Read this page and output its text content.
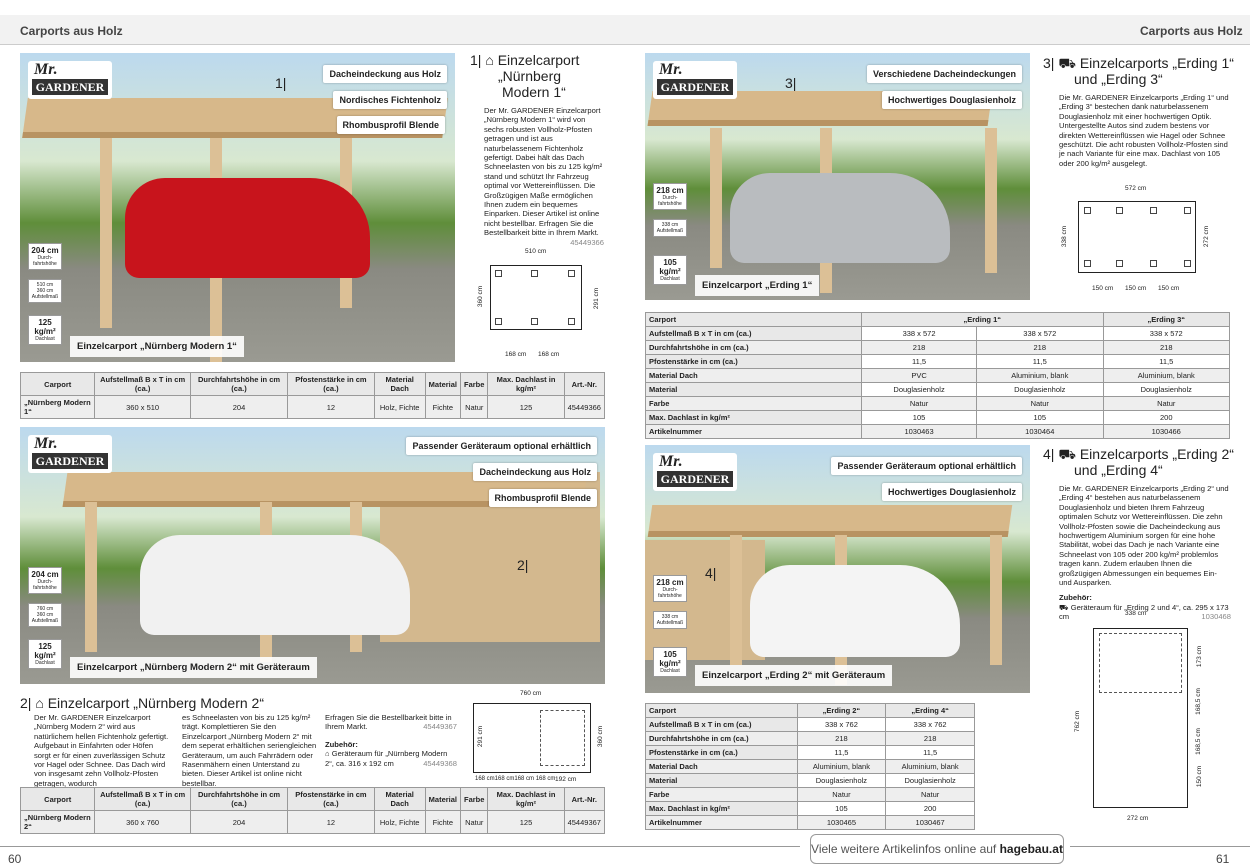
Carports aus Holz	Carports aus Holz
Mr.
GARDENER	1|
Dacheindeckung aus Holz
Nordisches Fichtenholz
Rhombusprofil Blende
204 cm
Durch-fahrtshöhe
510 cm
360 cm
Aufstellmaß
125
kg/m²
Dachlast
Einzelcarport „Nürnberg Modern 1“
1| ⌂ Einzelcarport
„Nürnberg
Modern 1“
Der Mr. GARDENER Einzelcarport „Nürnberg Modern 1“ wird von sechs robusten Vollholz-Pfosten getragen und ist aus naturbelassenem Fichtenholz gefertigt. Dabei hält das Dach Schneelasten von bis zu 125 kg/m² stand und schützt Ihr Fahrzeug optimal vor Wettereinflüssen. Die Großzügigen Maße ermöglichen Ihnen zudem ein bequemes Einparken. Dieser Artikel ist online nicht bestellbar. Erfragen Sie die Bestellbarkeit bitte in Ihrem Markt.
45449366
510 cm
360 cm	291 cm
168 cm 168 cm
Carport	Aufstellmaß B x T in cm (ca.)	Durchfahrtshöhe in cm (ca.)	Pfostenstärke in cm (ca.)	Material Dach	Material	Farbe	Max. Dachlast in kg/m²	Art.-Nr.
„Nürnberg Modern 1“	360 x 510	204	12	Holz, Fichte	Fichte	Natur	125	45449366
Mr.
GARDENER
2|
Passender Geräteraum optional erhältlich
Dacheindeckung aus Holz
Rhombusprofil Blende
204 cm
Durch-fahrtshöhe
760 cm
360 cm
Aufstellmaß
125
kg/m²
Dachlast	Einzelcarport „Nürnberg Modern 2“ mit Geräteraum
2| ⌂ Einzelcarport „Nürnberg Modern 2“
Der Mr. GARDENER Einzelcarport „Nürnberg Modern 2“ wird aus natürlichem hellen Fichtenholz gefertigt. Aufgebaut in Einfahrten oder Höfen sorgt er für einen zuverlässigen Schutz vor Hagel oder Schnee. Das Dach wird von insgesamt zehn Vollholz-Pfosten getragen, wodurch
es Schneelasten von bis zu 125 kg/m² trägt. Komplettieren Sie den Einzelcarport „Nürnberg Modern 2“ mit dem seperat erhältlichen seriengleichen Geräteraum, um auch Fahrrädern oder Rasenmähern einen Unterstand zu bieten. Dieser Artikel ist online nicht bestellbar.
Erfragen Sie die Bestellbarkeit bitte in Ihrem Markt.	45449367
Zubehör:
⌂ Geräteraum für „Nürnberg Modern 2“, ca. 316 x 192 cm	45449368
760 cm
291 cm	360 cm
168 cm168 cm168 cm 168 cm 192 cm
Carport	Aufstellmaß B x T in cm (ca.)	Durchfahrtshöhe in cm (ca.)	Pfostenstärke in cm (ca.)	Material Dach	Material	Farbe	Max. Dachlast in kg/m²	Art.-Nr.
„Nürnberg Modern 2“	360 x 760	204	12	Holz, Fichte	Fichte	Natur	125	45449367
Mr.
GARDENER	3|
Verschiedene Dacheindeckungen
Hochwertiges Douglasienholz
218 cm
Durch-fahrtshöhe
338 cm
Aufstellmaß
105
kg/m²
Dachlast
Einzelcarport „Erding 1“
3| ⛟ Einzelcarports „Erding 1“
und „Erding 3“
Die Mr. GARDENER Einzelcarports „Erding 1“ und „Erding 3“ bestechen dank naturbelassenem Douglasienholz mit einer hochwertigen Optik. Untergestellte Autos sind zudem bestens vor direkten Wettereinflüssen wie Hagel oder Schnee geschützt. Die acht robusten Vollholz-Pfosten sind je nach Variante für eine max. Dachlast von 105 oder 200 kg/m² ausgelegt.
572 cm
338 cm	272 cm
150 cm 150 cm 150 cm
Carport	„Erding 1“		„Erding 3“
Aufstellmaß B x T in cm (ca.)	338 x 572	338 x 572	338 x 572
Durchfahrtshöhe in cm (ca.)	218	218	218
Pfostenstärke in cm (ca.)	11,5	11,5	11,5
Material Dach	PVC	Aluminium, blank	Aluminium, blank
Material	Douglasienholz	Douglasienholz	Douglasienholz
Farbe	Natur	Natur	Natur
Max. Dachlast in kg/m²	105	105	200
Artikelnummer	1030463	1030464	1030466
Mr.
GARDENER
4|
Passender Geräteraum optional erhältlich
Hochwertiges Douglasienholz
218 cm
Durch-fahrtshöhe
338 cm
Aufstellmaß
105
kg/m²
Dachlast	Einzelcarport „Erding 2“ mit Geräteraum
4| ⛟ Einzelcarports „Erding 2“
und „Erding 4“
Die Mr. GARDENER Einzelcarports „Erding 2“ und „Erding 4“ bestehen aus naturbelassenem Douglasienholz und bieten Ihrem Fahrzeug optimalen Schutz vor Wettereinflüssen. Die zehn Vollholz-Pfosten sowie die Dacheindeckung aus hochwertigem Aluminium sorgen für eine hohe Stabilität, wobei das Dach je nach Variante eine Schneelast von 105 oder 200 kg/m² problemlos tragen kann. Zudem erlauben Ihnen die großzügigen Abmessungen ein bequemes Ein- und Ausparken.
Zubehör:
⛟ Geräteraum für „Erding 2 und 4“, ca. 295 x 173 cm	1030468
338 cm
762 cm
173 cm
168,5 cm
168,5 cm
150 cm
272 cm
Carport	„Erding 2“	„Erding 4“
Aufstellmaß B x T in cm (ca.)	338 x 762	338 x 762
Durchfahrtshöhe in cm (ca.)	218	218
Pfostenstärke in cm (ca.)	11,5	11,5
Material Dach	Aluminium, blank	Aluminium, blank
Material	Douglasienholz	Douglasienholz
Farbe	Natur	Natur
Max. Dachlast in kg/m²	105	200
Artikelnummer	1030465	1030467
60	61
Viele weitere Artikelinfos online auf hagebau.at
